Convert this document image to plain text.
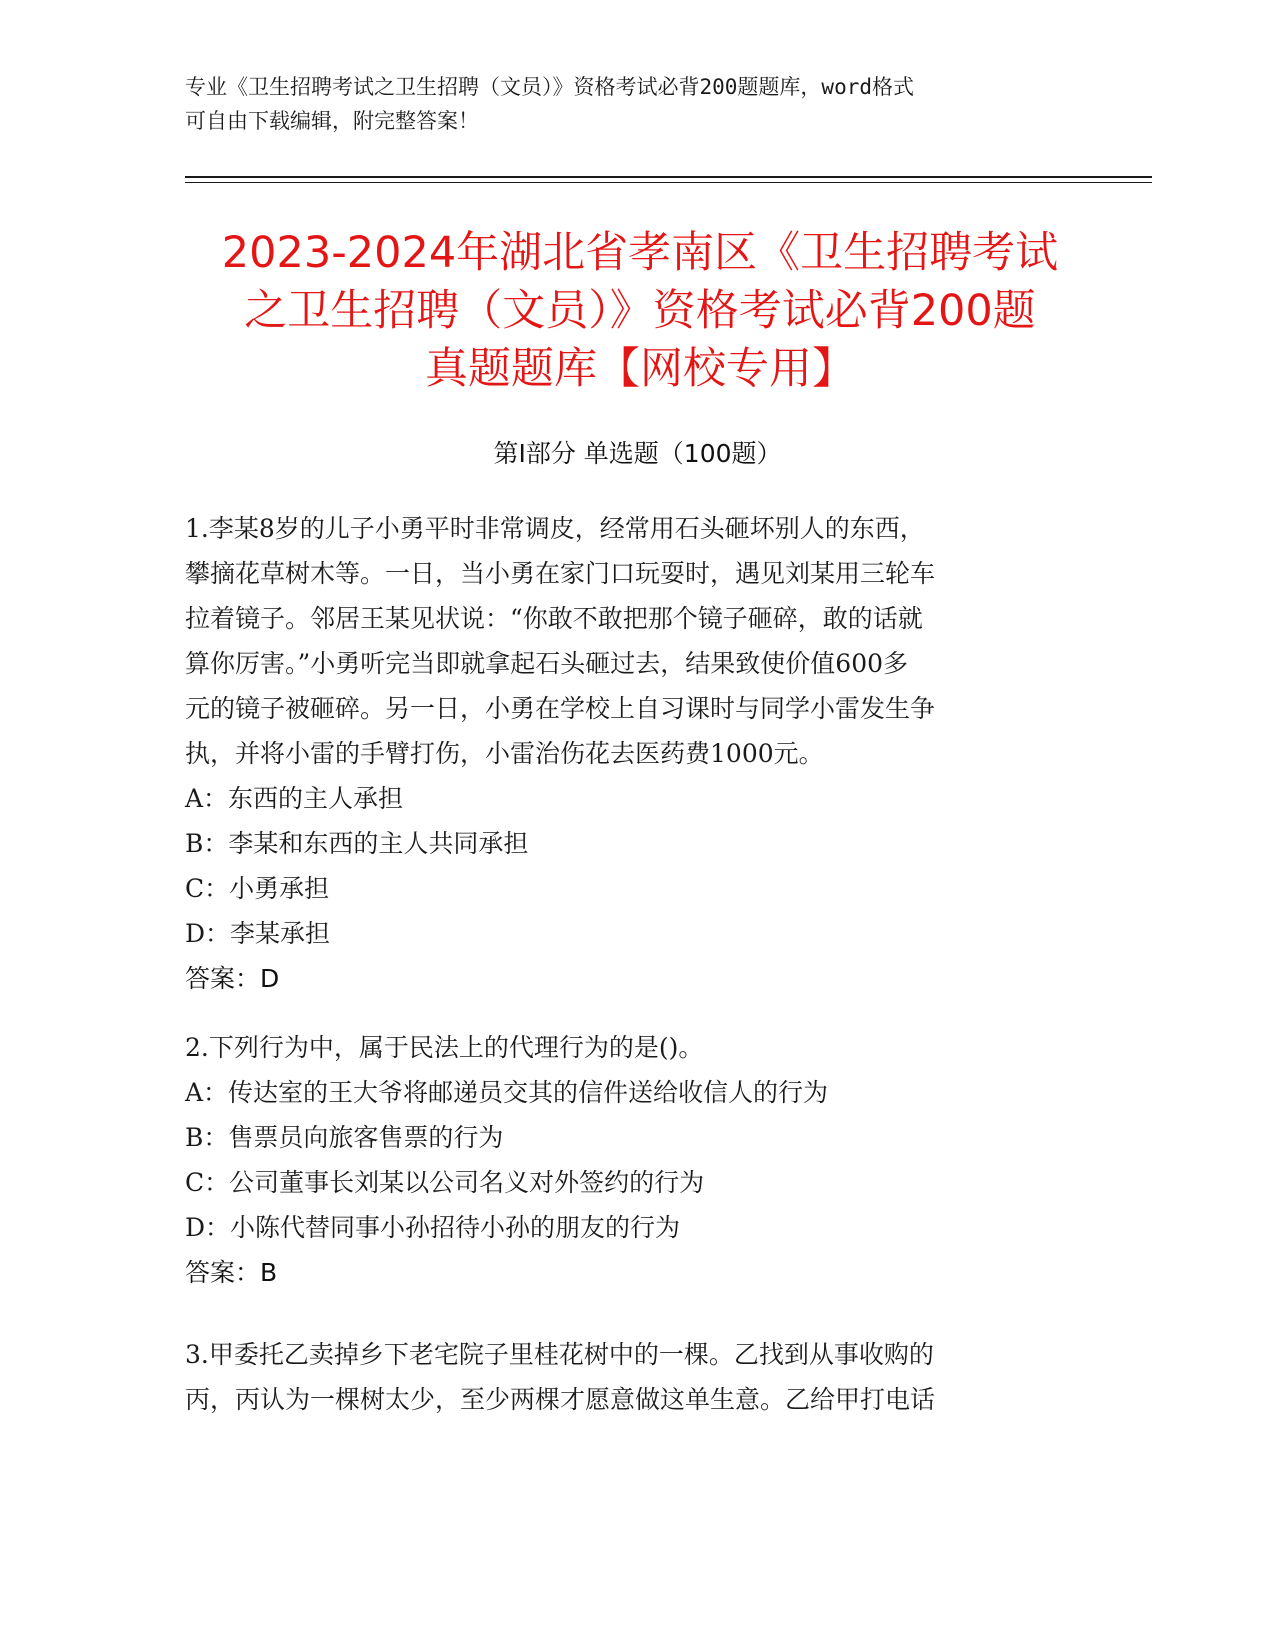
专业《卫生招聘考试之卫生招聘（文员）》资格考试必背200题题库，word格式
可自由下载编辑，附完整答案！
2023-2024年湖北省孝南区《卫生招聘考试
之卫生招聘（文员）》资格考试必背200题
真题题库【网校专用】
第I部分 单选题（100题）
1.李某8岁的儿子小勇平时非常调皮，经常用石头砸坏别人的东西，
攀摘花草树木等。一日，当小勇在家门口玩耍时，遇见刘某用三轮车
拉着镜子。邻居王某见状说：“你敢不敢把那个镜子砸碎，敢的话就
算你厉害。”小勇听完当即就拿起石头砸过去，结果致使价值600多
元的镜子被砸碎。另一日，小勇在学校上自习课时与同学小雷发生争
执，并将小雷的手臂打伤，小雷治伤花去医药费1000元。
A：东西的主人承担
B：李某和东西的主人共同承担
C：小勇承担
D：李某承担
答案：D
2.下列行为中，属于民法上的代理行为的是()。
A：传达室的王大爷将邮递员交其的信件送给收信人的行为
B：售票员向旅客售票的行为
C：公司董事长刘某以公司名义对外签约的行为
D：小陈代替同事小孙招待小孙的朋友的行为
答案：B
3.甲委托乙卖掉乡下老宅院子里桂花树中的一棵。乙找到从事收购的
丙，丙认为一棵树太少，至少两棵才愿意做这单生意。乙给甲打电话
